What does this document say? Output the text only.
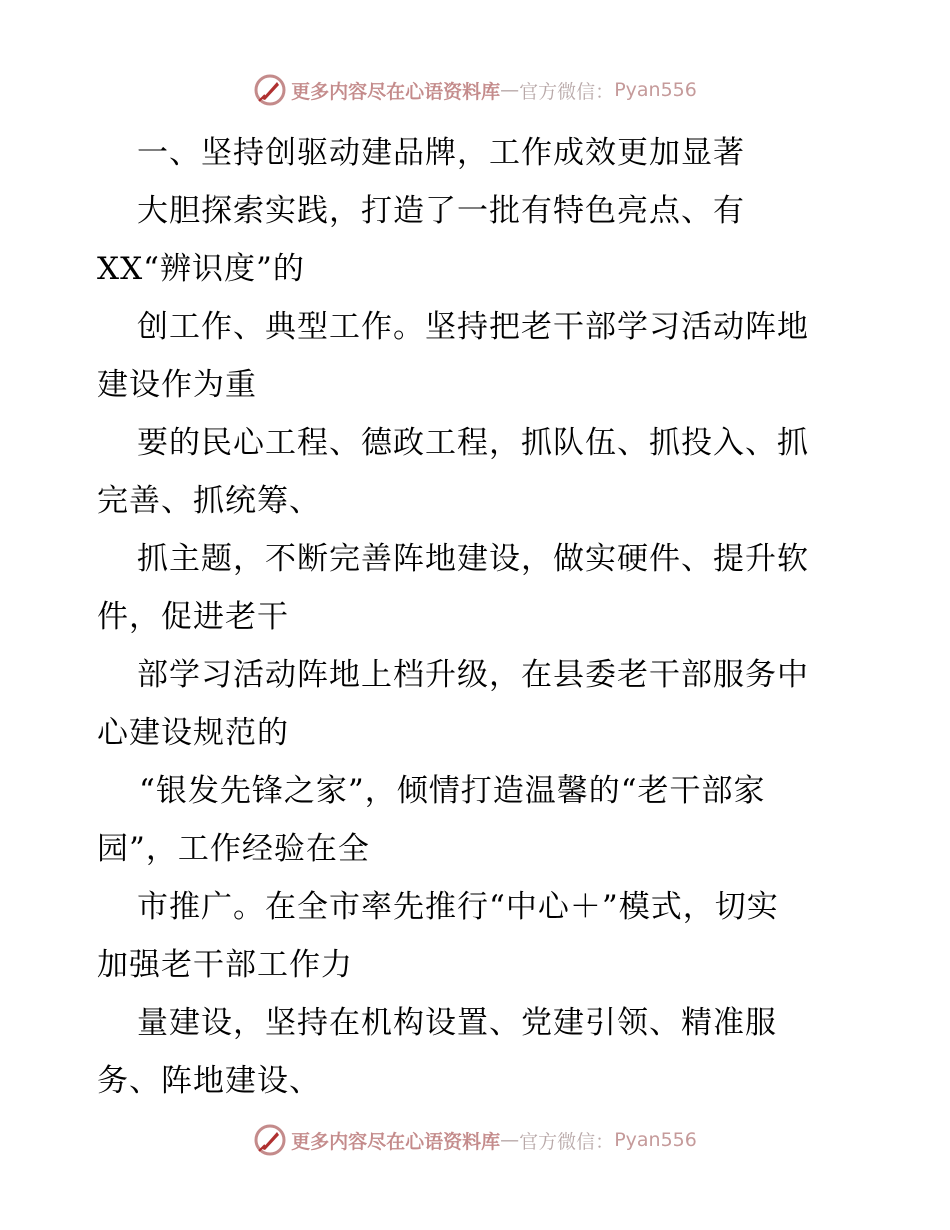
更多内容尽在心语资料库 — 官方微信： Pyan556
一、坚持创驱动建品牌，工作成效更加显著
大胆探索实践，打造了一批有特色亮点、有
XX“辨识度”的
创工作、典型工作。坚持把老干部学习活动阵地
建设作为重
要的民心工程、德政工程，抓队伍、抓投入、抓
完善、抓统筹、
抓主题，不断完善阵地建设，做实硬件、提升软
件，促进老干
部学习活动阵地上档升级，在县委老干部服务中
心建设规范的
“银发先锋之家”，倾情打造温馨的“老干部家
园”，工作经验在全
市推广。在全市率先推行“中心＋”模式，切实
加强老干部工作力
量建设，坚持在机构设置、党建引领、精准服
务、阵地建设、
更多内容尽在心语资料库 — 官方微信： Pyan556
